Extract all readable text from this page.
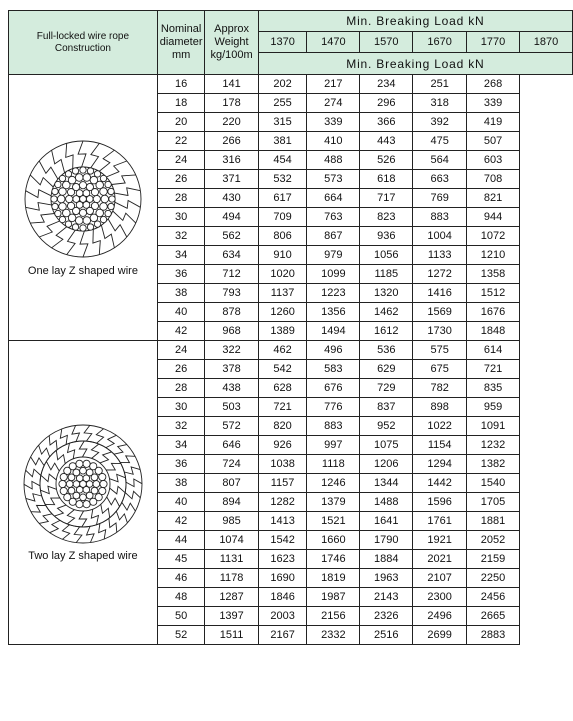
Full-locked wire rope Construction	Nominal diameter mm	Approx Weight kg/100m	Min. Breaking Load kN					
			1370	1470	1570	1670	1770	1870
			Min. Breaking Load kN					

One lay Z shaped wire	16	141	202	217	234	251	268	
	18	178	255	274	296	318	339	
	20	220	315	339	366	392	419	
	22	266	381	410	443	475	507	
	24	316	454	488	526	564	603	
	26	371	532	573	618	663	708	
	28	430	617	664	717	769	821	
	30	494	709	763	823	883	944	
	32	562	806	867	936	1004	1072	
	34	634	910	979	1056	1133	1210	
	36	712	1020	1099	1185	1272	1358	
	38	793	1137	1223	1320	1416	1512	
	40	878	1260	1356	1462	1569	1676	
	42	968	1389	1494	1612	1730	1848	

Two lay Z shaped wire	24	322	462	496	536	575	614	
	26	378	542	583	629	675	721	
	28	438	628	676	729	782	835	
	30	503	721	776	837	898	959	
	32	572	820	883	952	1022	1091	
	34	646	926	997	1075	1154	1232	
	36	724	1038	1118	1206	1294	1382	
	38	807	1157	1246	1344	1442	1540	
	40	894	1282	1379	1488	1596	1705	
	42	985	1413	1521	1641	1761	1881	
	44	1074	1542	1660	1790	1921	2052	
	45	1131	1623	1746	1884	2021	2159	
	46	1178	1690	1819	1963	2107	2250	
	48	1287	1846	1987	2143	2300	2456	
	50	1397	2003	2156	2326	2496	2665	
	52	1511	2167	2332	2516	2699	2883	
